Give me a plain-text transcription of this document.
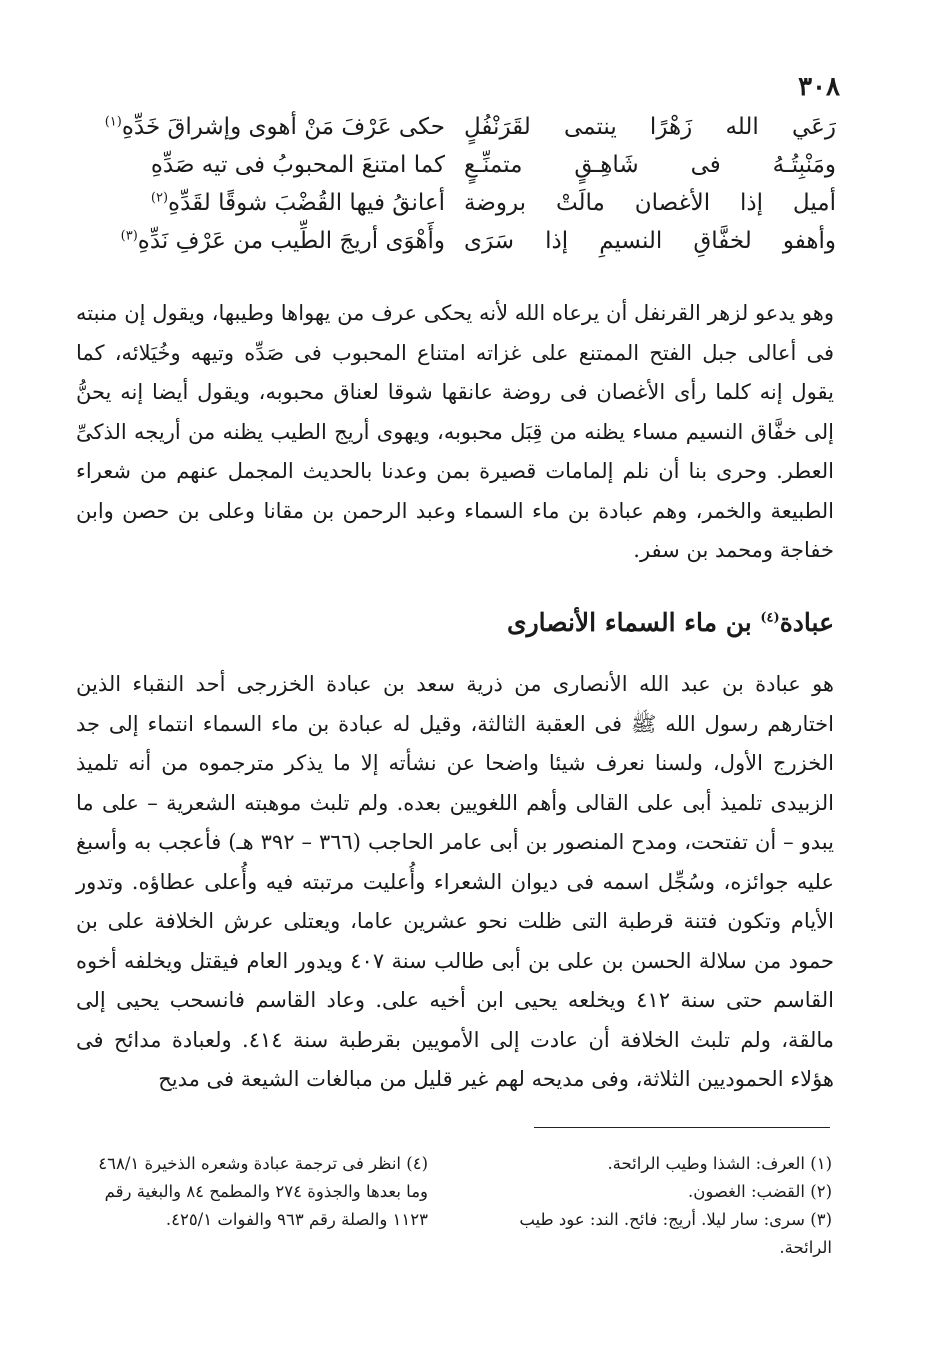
٣٠٨
رَعَي الله زَهْرًا ينتمى لقَرَنْفُلٍ
حكى عَرْفَ مَنْ أهوى وإشراقَ خَدِّهِ$^{(١)}$
ومَنْبِتُـهُ فى شَاهِـقٍ متمنِّـعٍ
كما امتنعَ المحبوبُ فى تيه صَدِّهِ
أميل إذا الأغصان مالَتْ بروضة
أعانقُ فيها القُضْبَ شوقًا لقَدِّهِ$^{(٢)}$
وأهفو لخفَّاقِ النسيمِ إذا سَرَى
وأَهْوَى أريجَ الطِّيب من عَرْفِ نَدِّهِ$^{(٣)}$

وهو يدعو لزهر القرنفل أن يرعاه الله لأنه يحكى عرف من يهواها وطيبها، ويقول إن منبته فى أعالى جبل الفتح الممتنع على غزاته امتناع المحبوب فى صَدِّه وتيهه وخُيَلائه، كما يقول إنه كلما رأى الأغصان فى روضة عانقها شوقا لعناق محبوبه، ويقول أيضا إنه يحنُّ إلى خفَّاق النسيم مساء يظنه من قِبَل محبوبه، ويهوى أريج الطيب يظنه من أريجه الذكىِّ العطر. وحرى بنا أن نلم إلمامات قصيرة بمن وعدنا بالحديث المجمل عنهم من شعراء الطبيعة والخمر، وهم عبادة بن ماء السماء وعبد الرحمن بن مقانا وعلى بن حصن وابن خفاجة ومحمد بن سفر.

عبادة$^{(٤)}$ بن ماء السماء الأنصارى

هو عبادة بن عبد الله الأنصارى من ذرية سعد بن عبادة الخزرجى أحد النقباء الذين اختارهم رسول الله ﷺ فى العقبة الثالثة، وقيل له عبادة بن ماء السماء انتماء إلى جد الخزرج الأول، ولسنا نعرف شيئا واضحا عن نشأته إلا ما يذكر مترجموه من أنه تلميذ الزبيدى تلميذ أبى على القالى وأهم اللغويين بعده. ولم تلبث موهبته الشعرية – على ما يبدو – أن تفتحت، ومدح المنصور بن أبى عامر الحاجب (٣٦٦ – ٣٩٢ هـ) فأعجب به وأسبغ عليه جوائزه، وسُجِّل اسمه فى ديوان الشعراء وأُعليت مرتبته فيه وأُعلى عطاؤه. وتدور الأيام وتكون فتنة قرطبة التى ظلت نحو عشرين عاما، ويعتلى عرش الخلافة على بن حمود من سلالة الحسن بن على بن أبى طالب سنة ٤٠٧ ويدور العام فيقتل ويخلفه أخوه القاسم حتى سنة ٤١٢ ويخلعه يحيى ابن أخيه على. وعاد القاسم فانسحب يحيى إلى مالقة، ولم تلبث الخلافة أن عادت إلى الأمويين بقرطبة سنة ٤١٤. ولعبادة مدائح فى هؤلاء الحموديين الثلاثة، وفى مديحه لهم غير قليل من مبالغات الشيعة فى مديح

(١) العرف: الشذا وطيب الرائحة.
(٢) القضب: الغصون.
(٣) سرى: سار ليلا. أريج: فائح. الند: عود طيب الرائحة.
(٤) انظر فى ترجمة عبادة وشعره الذخيرة ٤٦٨/١ وما بعدها والجذوة ٢٧٤ والمطمح ٨٤ والبغية رقم ١١٢٣ والصلة رقم ٩٦٣ والفوات ٤٢٥/١.
